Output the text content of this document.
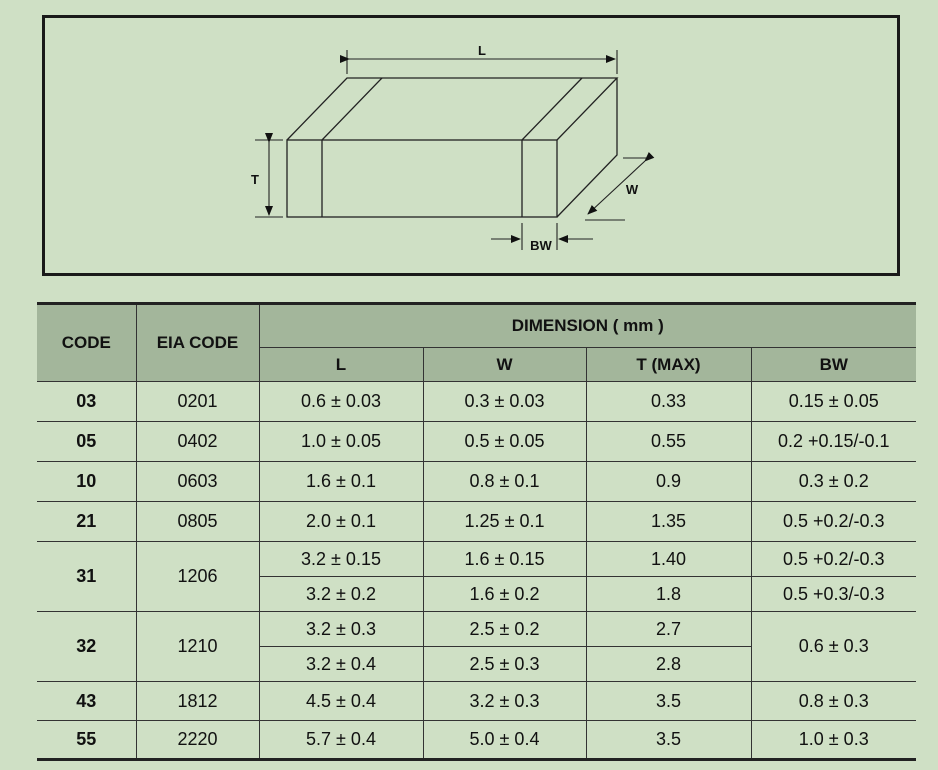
L
T
W
BW
CODE	EIA CODE	DIMENSION ( mm )			
		L	W	T (MAX)	BW
03	0201	0.6 ± 0.03	0.3 ± 0.03	0.33	0.15 ± 0.05
05	0402	1.0 ± 0.05	0.5 ± 0.05	0.55	0.2 +0.15/-0.1
10	0603	1.6 ± 0.1	0.8 ± 0.1	0.9	0.3 ± 0.2
21	0805	2.0 ± 0.1	1.25 ± 0.1	1.35	0.5 +0.2/-0.3
31	1206	3.2 ± 0.15	1.6 ± 0.15	1.40	0.5 +0.2/-0.3
		3.2 ± 0.2	1.6 ± 0.2	1.8	0.5 +0.3/-0.3
32	1210	3.2 ± 0.3	2.5 ± 0.2	2.7	0.6 ± 0.3
		3.2 ± 0.4	2.5 ± 0.3	2.8	
43	1812	4.5 ± 0.4	3.2 ± 0.3	3.5	0.8 ± 0.3
55	2220	5.7 ± 0.4	5.0 ± 0.4	3.5	1.0 ± 0.3
